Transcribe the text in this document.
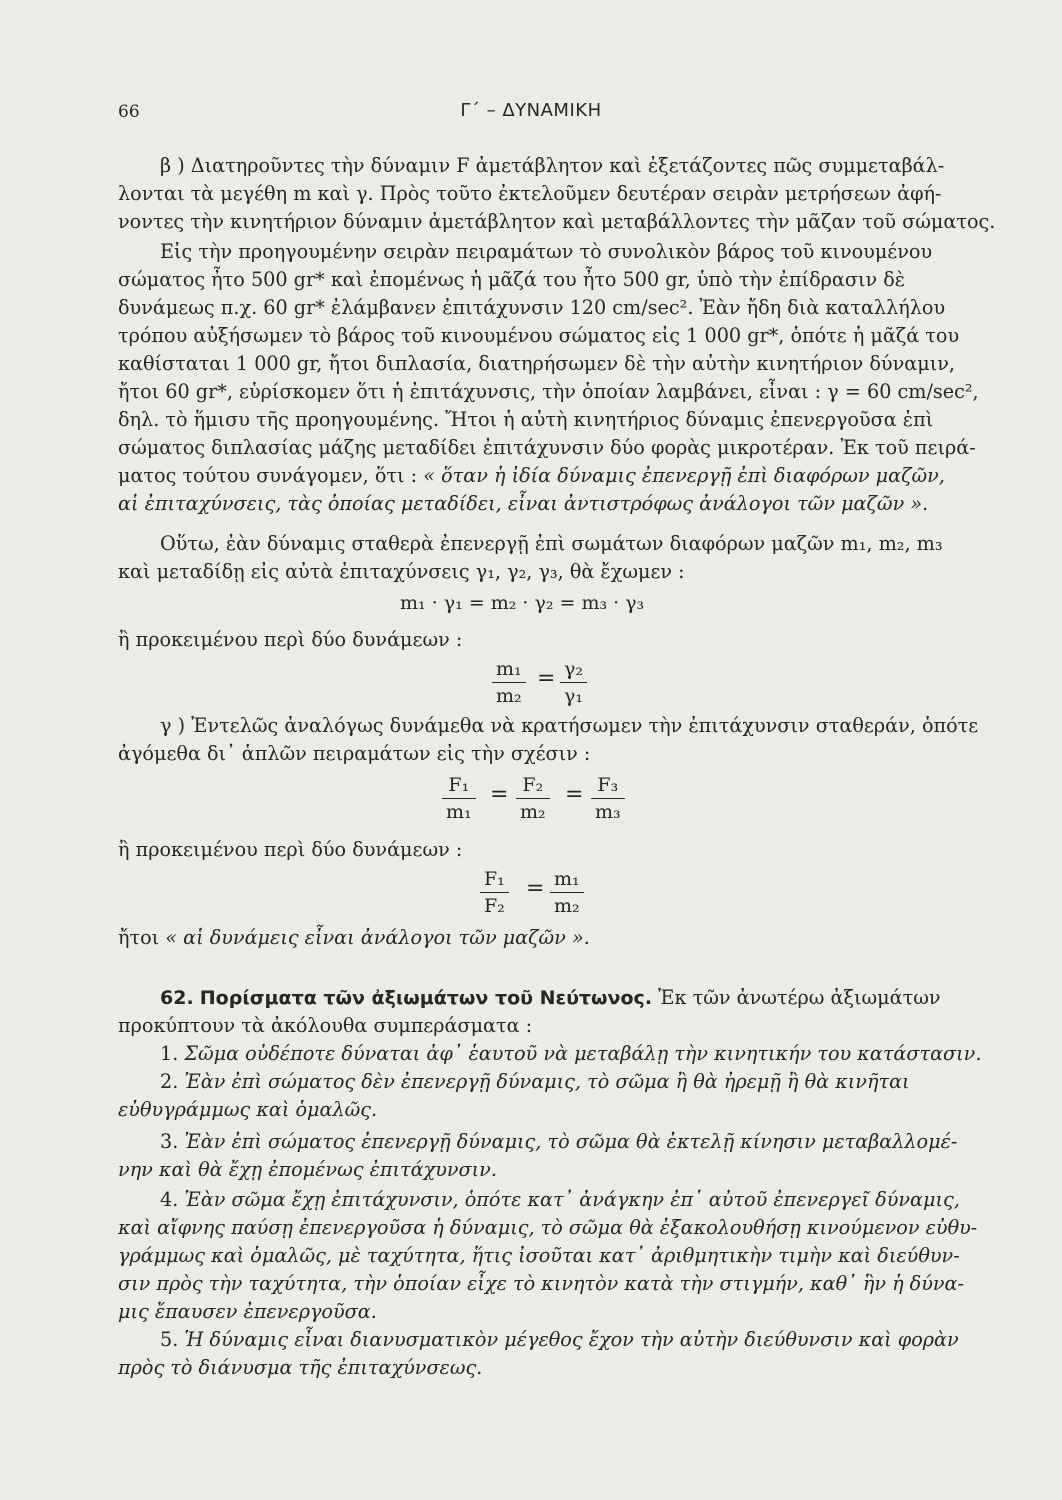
66	Γ΄ – ΔΥΝΑΜΙΚΗ
β ) Διατηροῦντες τὴν δύναμιν F ἀμετάβλητον καὶ ἐξετάζοντες πῶς συμμεταβάλ-
λονται τὰ μεγέθη m καὶ γ. Πρὸς τοῦτο ἐκτελοῦμεν δευτέραν σειρὰν μετρήσεων ἀφή-
νοντες τὴν κινητήριον δύναμιν ἀμετάβλητον καὶ μεταβάλλοντες τὴν μᾶζαν τοῦ σώματος.
Εἰς τὴν προηγουμένην σειρὰν πειραμάτων τὸ συνολικὸν βάρος τοῦ κινουμένου
σώματος ἦτο 500 gr* καὶ ἐπομένως ἡ μᾶζά του ἦτο 500 gr, ὑπὸ τὴν ἐπίδρασιν δὲ
δυνάμεως π.χ. 60 gr* ἐλάμβανεν ἐπιτάχυνσιν 120 cm/sec². Ἐὰν ἤδη διὰ καταλλήλου
τρόπου αὐξήσωμεν τὸ βάρος τοῦ κινουμένου σώματος εἰς 1 000 gr*, ὁπότε ἡ μᾶζά του
καθίσταται 1 000 gr, ἤτοι διπλασία, διατηρήσωμεν δὲ τὴν αὐτὴν κινητήριον δύναμιν,
ἤτοι 60 gr*, εὑρίσκομεν ὅτι ἡ ἐπιτάχυνσις, τὴν ὁποίαν λαμβάνει, εἶναι : γ = 60 cm/sec²,
δηλ. τὸ ἥμισυ τῆς προηγουμένης. Ἤτοι ἡ αὐτὴ κινητήριος δύναμις ἐπενεργοῦσα ἐπὶ
σώματος διπλασίας μάζης μεταδίδει ἐπιτάχυνσιν δύο φορὰς μικροτέραν. Ἐκ τοῦ πειρά-
ματος τούτου συνάγομεν, ὅτι : « ὅταν ἡ ἰδία δύναμις ἐπενεργῇ ἐπὶ διαφόρων μαζῶν,
αἱ ἐπιταχύνσεις, τὰς ὁποίας μεταδίδει, εἶναι ἀντιστρόφως ἀνάλογοι τῶν μαζῶν ».
Οὕτω, ἐὰν δύναμις σταθερὰ ἐπενεργῇ ἐπὶ σωμάτων διαφόρων μαζῶν m₁, m₂, m₃
καὶ μεταδίδῃ εἰς αὐτὰ ἐπιταχύνσεις γ₁, γ₂, γ₃, θὰ ἔχωμεν :
m₁ · γ₁ = m₂ · γ₂ = m₃ · γ₃
ἢ προκειμένου περὶ δύο δυνάμεων :
$\frac{\text{m₁}}{\text{m₂}} = \frac{\text{γ₂}}{\text{γ₁}}$
γ ) Ἐντελῶς ἀναλόγως δυνάμεθα νὰ κρατήσωμεν τὴν ἐπιτάχυνσιν σταθεράν, ὁπότε
ἀγόμεθα δι᾽ ἁπλῶν πειραμάτων εἰς τὴν σχέσιν :
$\frac{\text{F₁}}{\text{m₁}} = \frac{\text{F₂}}{\text{m₂}} = \frac{\text{F₃}}{\text{m₃}}$
ἢ προκειμένου περὶ δύο δυνάμεων :
$\frac{\text{F₁}}{\text{F₂}} = \frac{\text{m₁}}{\text{m₂}}$
ἤτοι « αἱ δυνάμεις εἶναι ἀνάλογοι τῶν μαζῶν ».
62. Πορίσματα τῶν ἀξιωμάτων τοῦ Νεύτωνος. Ἐκ τῶν ἀνωτέρω ἀξιωμάτων
προκύπτουν τὰ ἀκόλουθα συμπεράσματα :
1. Σῶμα οὐδέποτε δύναται ἀφ᾽ ἑαυτοῦ νὰ μεταβάλῃ τὴν κινητικήν του κατάστασιν.
2. Ἐὰν ἐπὶ σώματος δὲν ἐπενεργῇ δύναμις, τὸ σῶμα ἢ θὰ ἠρεμῇ ἢ θὰ κινῆται
εὐθυγράμμως καὶ ὁμαλῶς.
3. Ἐὰν ἐπὶ σώματος ἐπενεργῇ δύναμις, τὸ σῶμα θὰ ἐκτελῇ κίνησιν μεταβαλλομέ-
νην καὶ θὰ ἔχῃ ἐπομένως ἐπιτάχυνσιν.
4. Ἐὰν σῶμα ἔχῃ ἐπιτάχυνσιν, ὁπότε κατ᾽ ἀνάγκην ἐπ᾽ αὐτοῦ ἐπενεργεῖ δύναμις,
καὶ αἴφνης παύσῃ ἐπενεργοῦσα ἡ δύναμις, τὸ σῶμα θὰ ἐξακολουθήσῃ κινούμενον εὐθυ-
γράμμως καὶ ὁμαλῶς, μὲ ταχύτητα, ἥτις ἰσοῦται κατ᾽ ἀριθμητικὴν τιμὴν καὶ διεύθυν-
σιν πρὸς τὴν ταχύτητα, τὴν ὁποίαν εἶχε τὸ κινητὸν κατὰ τὴν στιγμήν, καθ᾽ ἣν ἡ δύνα-
μις ἔπαυσεν ἐπενεργοῦσα.
5. Ἡ δύναμις εἶναι διανυσματικὸν μέγεθος ἔχον τὴν αὐτὴν διεύθυνσιν καὶ φορὰν
πρὸς τὸ διάνυσμα τῆς ἐπιταχύνσεως.
